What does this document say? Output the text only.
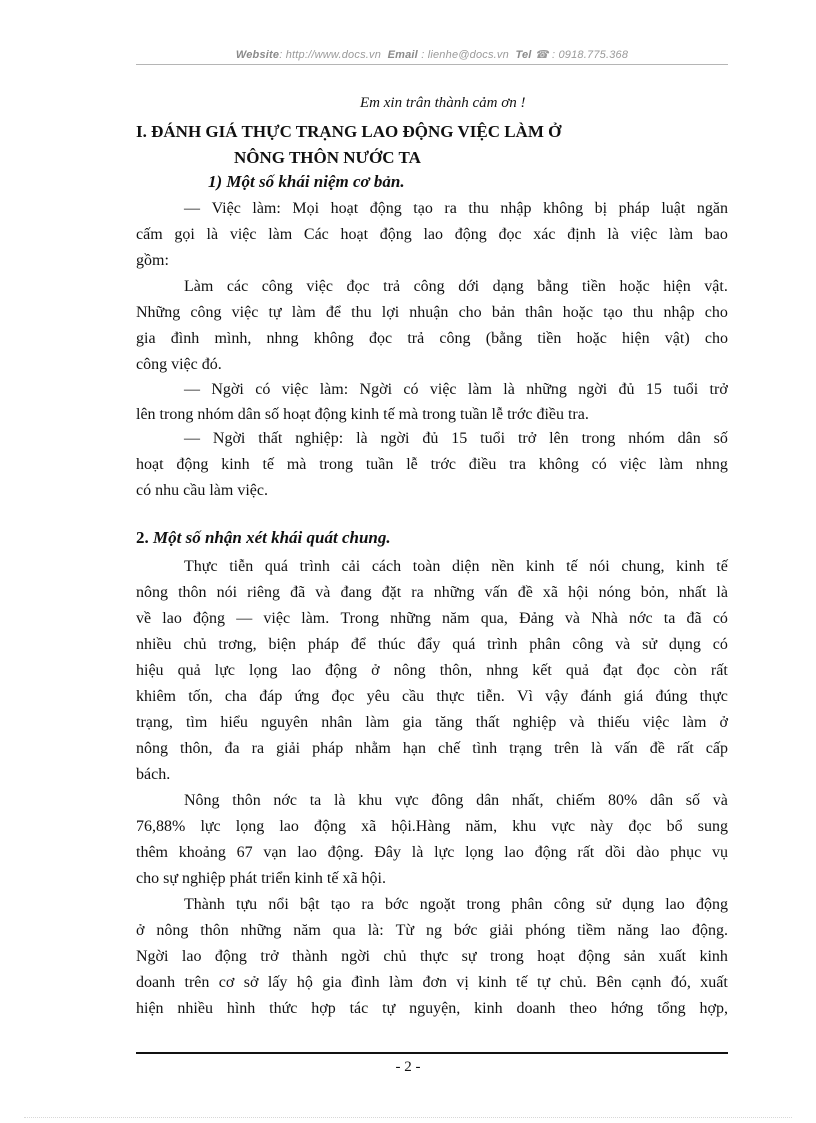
Website: http://www.docs.vn Email : lienhe@docs.vn Tel ☎ : 0918.775.368
Em xin trân thành cảm ơn !
I. ĐÁNH GIÁ THỰC TRẠNG LAO ĐỘNG VIỆC LÀM Ở
NÔNG THÔN NƯỚC TA
1) Một số khái niệm cơ bản.
— Việc làm: Mọi hoạt động tạo ra thu nhập không bị pháp luật ngăn
cấm gọi là việc làm Các hoạt động lao động đọc xác định là việc làm bao
gồm:
Làm các công việc đọc trả công dới dạng bằng tiền hoặc hiện vật.
Những công việc tự làm để thu lợi nhuận cho bản thân hoặc tạo thu nhập cho
gia đình mình, nhng không đọc trả công (bằng tiền hoặc hiện vật) cho
công việc đó.
— Ngời có việc làm: Ngời có việc làm là những ngời đủ 15 tuổi trở
lên trong nhóm dân số hoạt động kinh tế mà trong tuần lễ trớc điều tra.
— Ngời thất nghiệp: là ngời đủ 15 tuổi trở lên trong nhóm dân số
hoạt động kinh tế mà trong tuần lễ trớc điều tra không có việc làm nhng
có nhu cầu làm việc.
2. Một số nhận xét khái quát chung.
Thực tiễn quá trình cải cách toàn diện nền kinh tế nói chung, kinh tế
nông thôn nói riêng đã và đang đặt ra những vấn đề xã hội nóng bỏn, nhất là
về lao động — việc làm. Trong những năm qua, Đảng và Nhà nớc ta đã có
nhiều chủ trơng, biện pháp để thúc đẩy quá trình phân công và sử dụng có
hiệu quả lực lọng lao động ở nông thôn, nhng kết quả đạt đọc còn rất
khiêm tốn, cha đáp ứng đọc yêu cầu thực tiễn. Vì vậy đánh giá đúng thực
trạng, tìm hiểu nguyên nhân làm gia tăng thất nghiệp và thiếu việc làm ở
nông thôn, đa ra giải pháp nhằm hạn chế tình trạng trên là vấn đề rất cấp
bách.
Nông thôn nớc ta là khu vực đông dân nhất, chiếm 80% dân số và
76,88% lực lọng lao động xã hội.Hàng năm, khu vực này đọc bổ sung
thêm khoảng 67 vạn lao động. Đây là lực lọng lao động rất dồi dào phục vụ
cho sự nghiệp phát triển kinh tế xã hội.
Thành tựu nổi bật tạo ra bớc ngoặt trong phân công sử dụng lao động
ở nông thôn những năm qua là: Từ ng bớc giải phóng tiềm năng lao động.
Ngời lao động trở thành ngời chủ thực sự trong hoạt động sản xuất kinh
doanh trên cơ sở lấy hộ gia đình làm đơn vị kinh tế tự chủ. Bên cạnh đó, xuất
hiện nhiều hình thức hợp tác tự nguyện, kinh doanh theo hớng tổng hợp,
- 2 -
